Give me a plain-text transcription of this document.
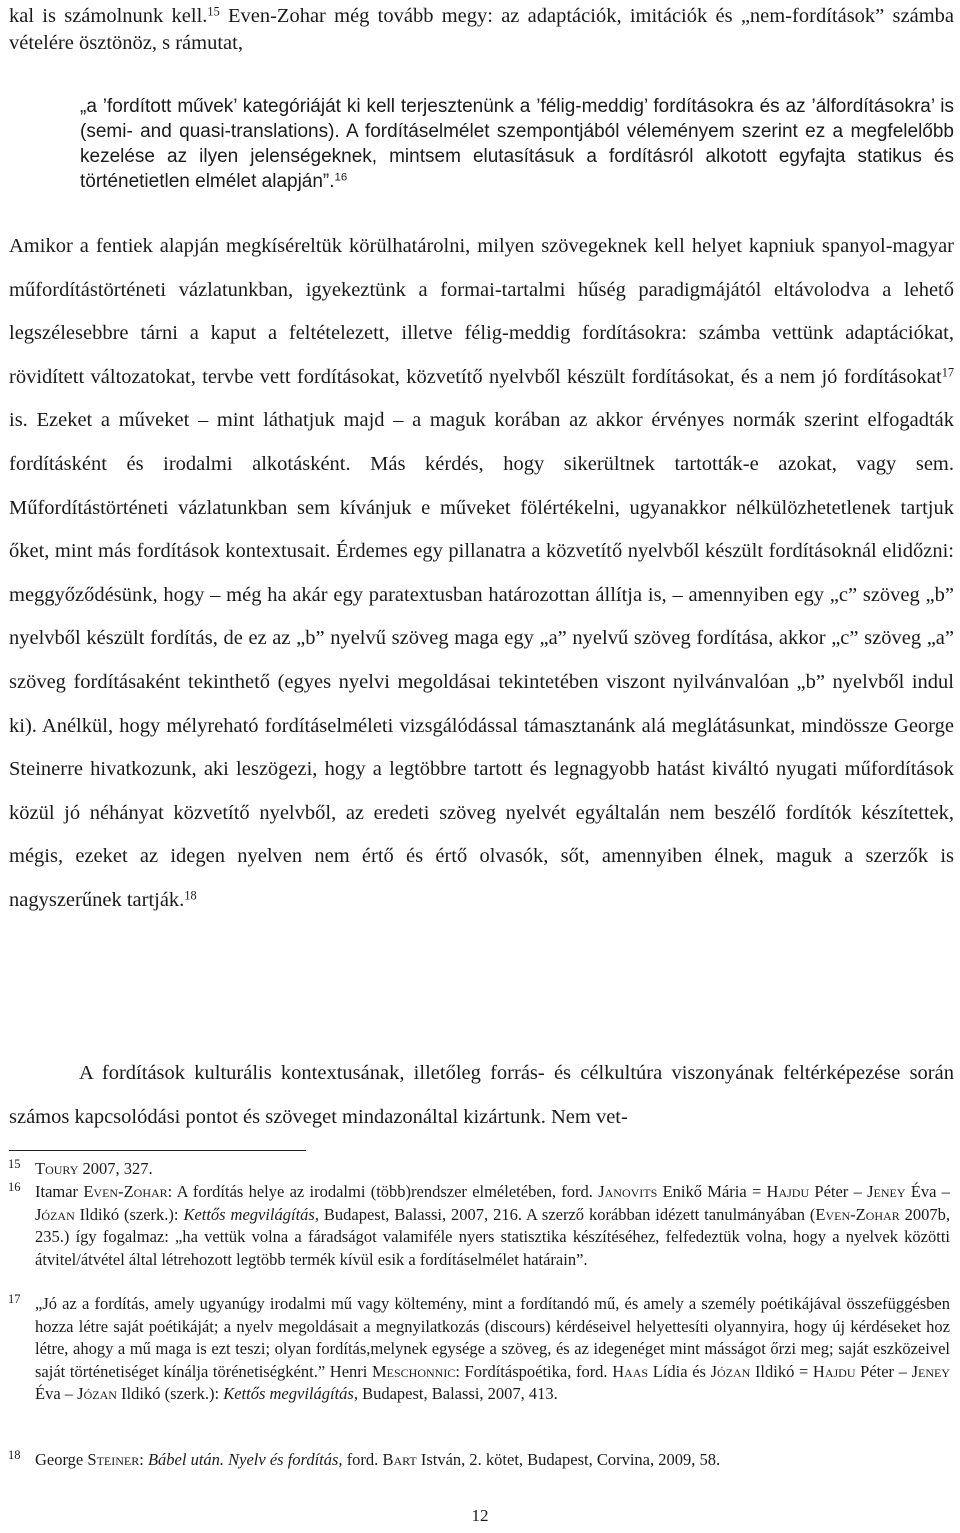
kal is számolnunk kell.$^{15}$ Even-Zohar még tovább megy: az adaptációk, imitációk és „nem-fordítások” számba vételére ösztönöz, s rámutat,

„a ’fordított művek’ kategóriáját ki kell terjesztenünk a ’félig-meddig’ fordításokra és az ’álfordításokra’ is (semi- and quasi-translations). A fordításelmélet szempontjából véleményem szerint ez a megfelelőbb kezelése az ilyen jelenségeknek, mintsem elutasításuk a fordításról alkotott egyfajta statikus és történetietlen elmélet alapján”.$^{16}$

Amikor a fentiek alapján megkíséreltük körülhatárolni, milyen szövegeknek kell helyet kapniuk spanyol-magyar műfordítástörténeti vázlatunkban, igyekeztünk a formai-tartalmi hűség paradigmájától eltávolodva a lehető legszélesebbre tárni a kaput a feltételezett, illetve félig-meddig fordításokra: számba vettünk adaptációkat, rövidített változatokat, tervbe vett fordításokat, közvetítő nyelvből készült fordításokat, és a nem jó fordításokat$^{17}$ is. Ezeket a műveket – mint láthatjuk majd – a maguk korában az akkor érvényes normák szerint elfogadták fordításként és irodalmi alkotásként. Más kérdés, hogy sikerültnek tartották-e azokat, vagy sem. Műfordítástörténeti vázlatunkban sem kívánjuk e műveket fölértékelni, ugyanakkor nélkülözhetetlenek tartjuk őket, mint más fordítások kontextusait. Érdemes egy pillanatra a közvetítő nyelvből készült fordításoknál elidőzni: meggyőződésünk, hogy – még ha akár egy paratextusban határozottan állítja is, – amennyiben egy „c” szöveg „b” nyelvből készült fordítás, de ez az „b” nyelvű szöveg maga egy „a” nyelvű szöveg fordítása, akkor „c” szöveg „a” szöveg fordításaként tekinthető (egyes nyelvi megoldásai tekintetében viszont nyilvánvalóan „b” nyelvből indul ki). Anélkül, hogy mélyreható fordításelméleti vizsgálódással támasztanánk alá meglátásunkat, mindössze George Steinerre hivatkozunk, aki leszögezi, hogy a legtöbbre tartott és legnagyobb hatást kiváltó nyugati műfordítások közül jó néhányat közvetítő nyelvből, az eredeti szöveg nyelvét egyáltalán nem beszélő fordítók készítettek, mégis, ezeket az idegen nyelven nem értő és értő olvasók, sőt, amennyiben élnek, maguk a szerzők is nagyszerűnek tartják.$^{18}$

A fordítások kulturális kontextusának, illetőleg forrás- és célkultúra viszonyának feltérképezése során számos kapcsolódási pontot és szöveget mindazonáltal kizártunk. Nem vet-

15 Toury 2007, 327.

16 Itamar Even-Zohar: A fordítás helye az irodalmi (több)rendszer elméletében, ford. Janovits Enikő Mária = Hajdu Péter – Jeney Éva – Józan Ildikó (szerk.): Kettős megvilágítás, Budapest, Balassi, 2007, 216. A szerző korábban idézett tanulmányában (Even-Zohar 2007b, 235.) így fogalmaz: „ha vettük volna a fáradságot valamiféle nyers statisztika készítéséhez, felfedeztük volna, hogy a nyelvek közötti átvitel/átvétel által létrehozott legtöbb termék kívül esik a fordításelmélet határain”.

17 „Jó az a fordítás, amely ugyanúgy irodalmi mű vagy költemény, mint a fordítandó mű, és amely a személy poétikájával összefüggésben hozza létre saját poétikáját; a nyelv megoldásait a megnyilatkozás (discours) kérdéseivel helyettesíti olyannyira, hogy új kérdéseket hoz létre, ahogy a mű maga is ezt teszi; olyan fordítás,melynek egysége a szöveg, és az idegenéget mint másságot őrzi meg; saját eszközeivel saját történetiséget kínálja törénetiségként.” Henri Meschonnic: Fordításpoétika, ford. Haas Lídia és Józan Ildikó = Hajdu Péter – Jeney Éva – Józan Ildikó (szerk.): Kettős megvilágítás, Budapest, Balassi, 2007, 413.

18 George Steiner: Bábel után. Nyelv és fordítás, ford. Bart István, 2. kötet, Budapest, Corvina, 2009, 58.

12
